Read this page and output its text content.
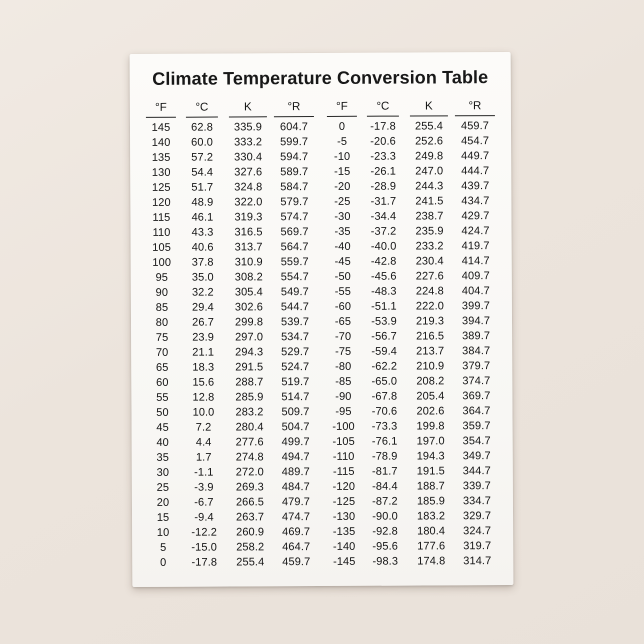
Climate Temperature Conversion Table
°F	°C	K	°R
145	62.8	335.9	604.7
140	60.0	333.2	599.7
135	57.2	330.4	594.7
130	54.4	327.6	589.7
125	51.7	324.8	584.7
120	48.9	322.0	579.7
115	46.1	319.3	574.7
110	43.3	316.5	569.7
105	40.6	313.7	564.7
100	37.8	310.9	559.7
95	35.0	308.2	554.7
90	32.2	305.4	549.7
85	29.4	302.6	544.7
80	26.7	299.8	539.7
75	23.9	297.0	534.7
70	21.1	294.3	529.7
65	18.3	291.5	524.7
60	15.6	288.7	519.7
55	12.8	285.9	514.7
50	10.0	283.2	509.7
45	7.2	280.4	504.7
40	4.4	277.6	499.7
35	1.7	274.8	494.7
30	-1.1	272.0	489.7
25	-3.9	269.3	484.7
20	-6.7	266.5	479.7
15	-9.4	263.7	474.7
10	-12.2	260.9	469.7
5	-15.0	258.2	464.7
0	-17.8	255.4	459.7
°F	°C	K	°R
0	-17.8	255.4	459.7
-5	-20.6	252.6	454.7
-10	-23.3	249.8	449.7
-15	-26.1	247.0	444.7
-20	-28.9	244.3	439.7
-25	-31.7	241.5	434.7
-30	-34.4	238.7	429.7
-35	-37.2	235.9	424.7
-40	-40.0	233.2	419.7
-45	-42.8	230.4	414.7
-50	-45.6	227.6	409.7
-55	-48.3	224.8	404.7
-60	-51.1	222.0	399.7
-65	-53.9	219.3	394.7
-70	-56.7	216.5	389.7
-75	-59.4	213.7	384.7
-80	-62.2	210.9	379.7
-85	-65.0	208.2	374.7
-90	-67.8	205.4	369.7
-95	-70.6	202.6	364.7
-100	-73.3	199.8	359.7
-105	-76.1	197.0	354.7
-110	-78.9	194.3	349.7
-115	-81.7	191.5	344.7
-120	-84.4	188.7	339.7
-125	-87.2	185.9	334.7
-130	-90.0	183.2	329.7
-135	-92.8	180.4	324.7
-140	-95.6	177.6	319.7
-145	-98.3	174.8	314.7
